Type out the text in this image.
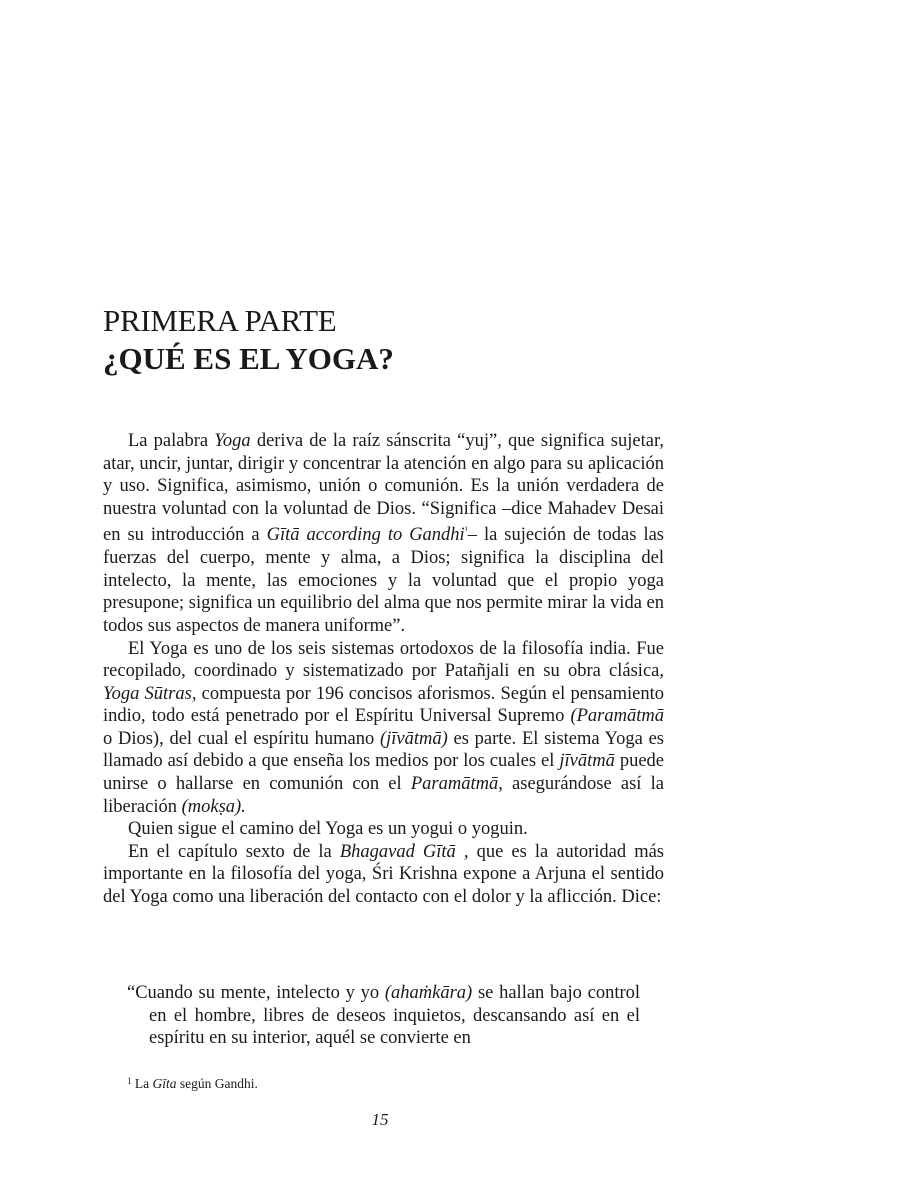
PRIMERA PARTE
¿QUÉ ES EL YOGA?

La palabra Yoga deriva de la raíz sánscrita “yuj”, que significa sujetar, atar, uncir, juntar, dirigir y concentrar la atención en algo para su aplicación y uso. Significa, asimismo, unión o comunión. Es la unión verdadera de nuestra voluntad con la voluntad de Dios. “Significa –dice Mahadev Desai en su introducción a Gītā according to Gandhi$^{^1}$– la sujeción de todas las fuerzas del cuerpo, mente y alma, a Dios; significa la disciplina del intelecto, la mente, las emociones y la voluntad que el propio yoga presupone; significa un equilibrio del alma que nos permite mirar la vida en todos sus aspectos de manera uniforme”.

El Yoga es uno de los seis sistemas ortodoxos de la filosofía india. Fue recopilado, coordinado y sistematizado por Patañjali en su obra clásica, Yoga Sūtras, compuesta por 196 concisos aforismos. Según el pensamiento indio, todo está penetrado por el Espíritu Universal Supremo (Paramātmā o Dios), del cual el espíritu humano (jīvātmā) es parte. El sistema Yoga es llamado así debido a que enseña los medios por los cuales el jīvātmā puede unirse o hallarse en comunión con el Paramātmā, asegurándose así la liberación (mokṣa).

Quien sigue el camino del Yoga es un yogui o yoguin.

En el capítulo sexto de la Bhagavad Gītā , que es la autoridad más importante en la filosofía del yoga, Śri Krishna expone a Arjuna el sentido del Yoga como una liberación del contacto con el dolor y la aflicción. Dice:

“Cuando su mente, intelecto y yo (ahaṁkāra) se hallan bajo control en el hombre, libres de deseos inquietos, descansando así en el espíritu en su interior, aquél se convierte en

$^1$ La Gīta según Gandhi.
15
